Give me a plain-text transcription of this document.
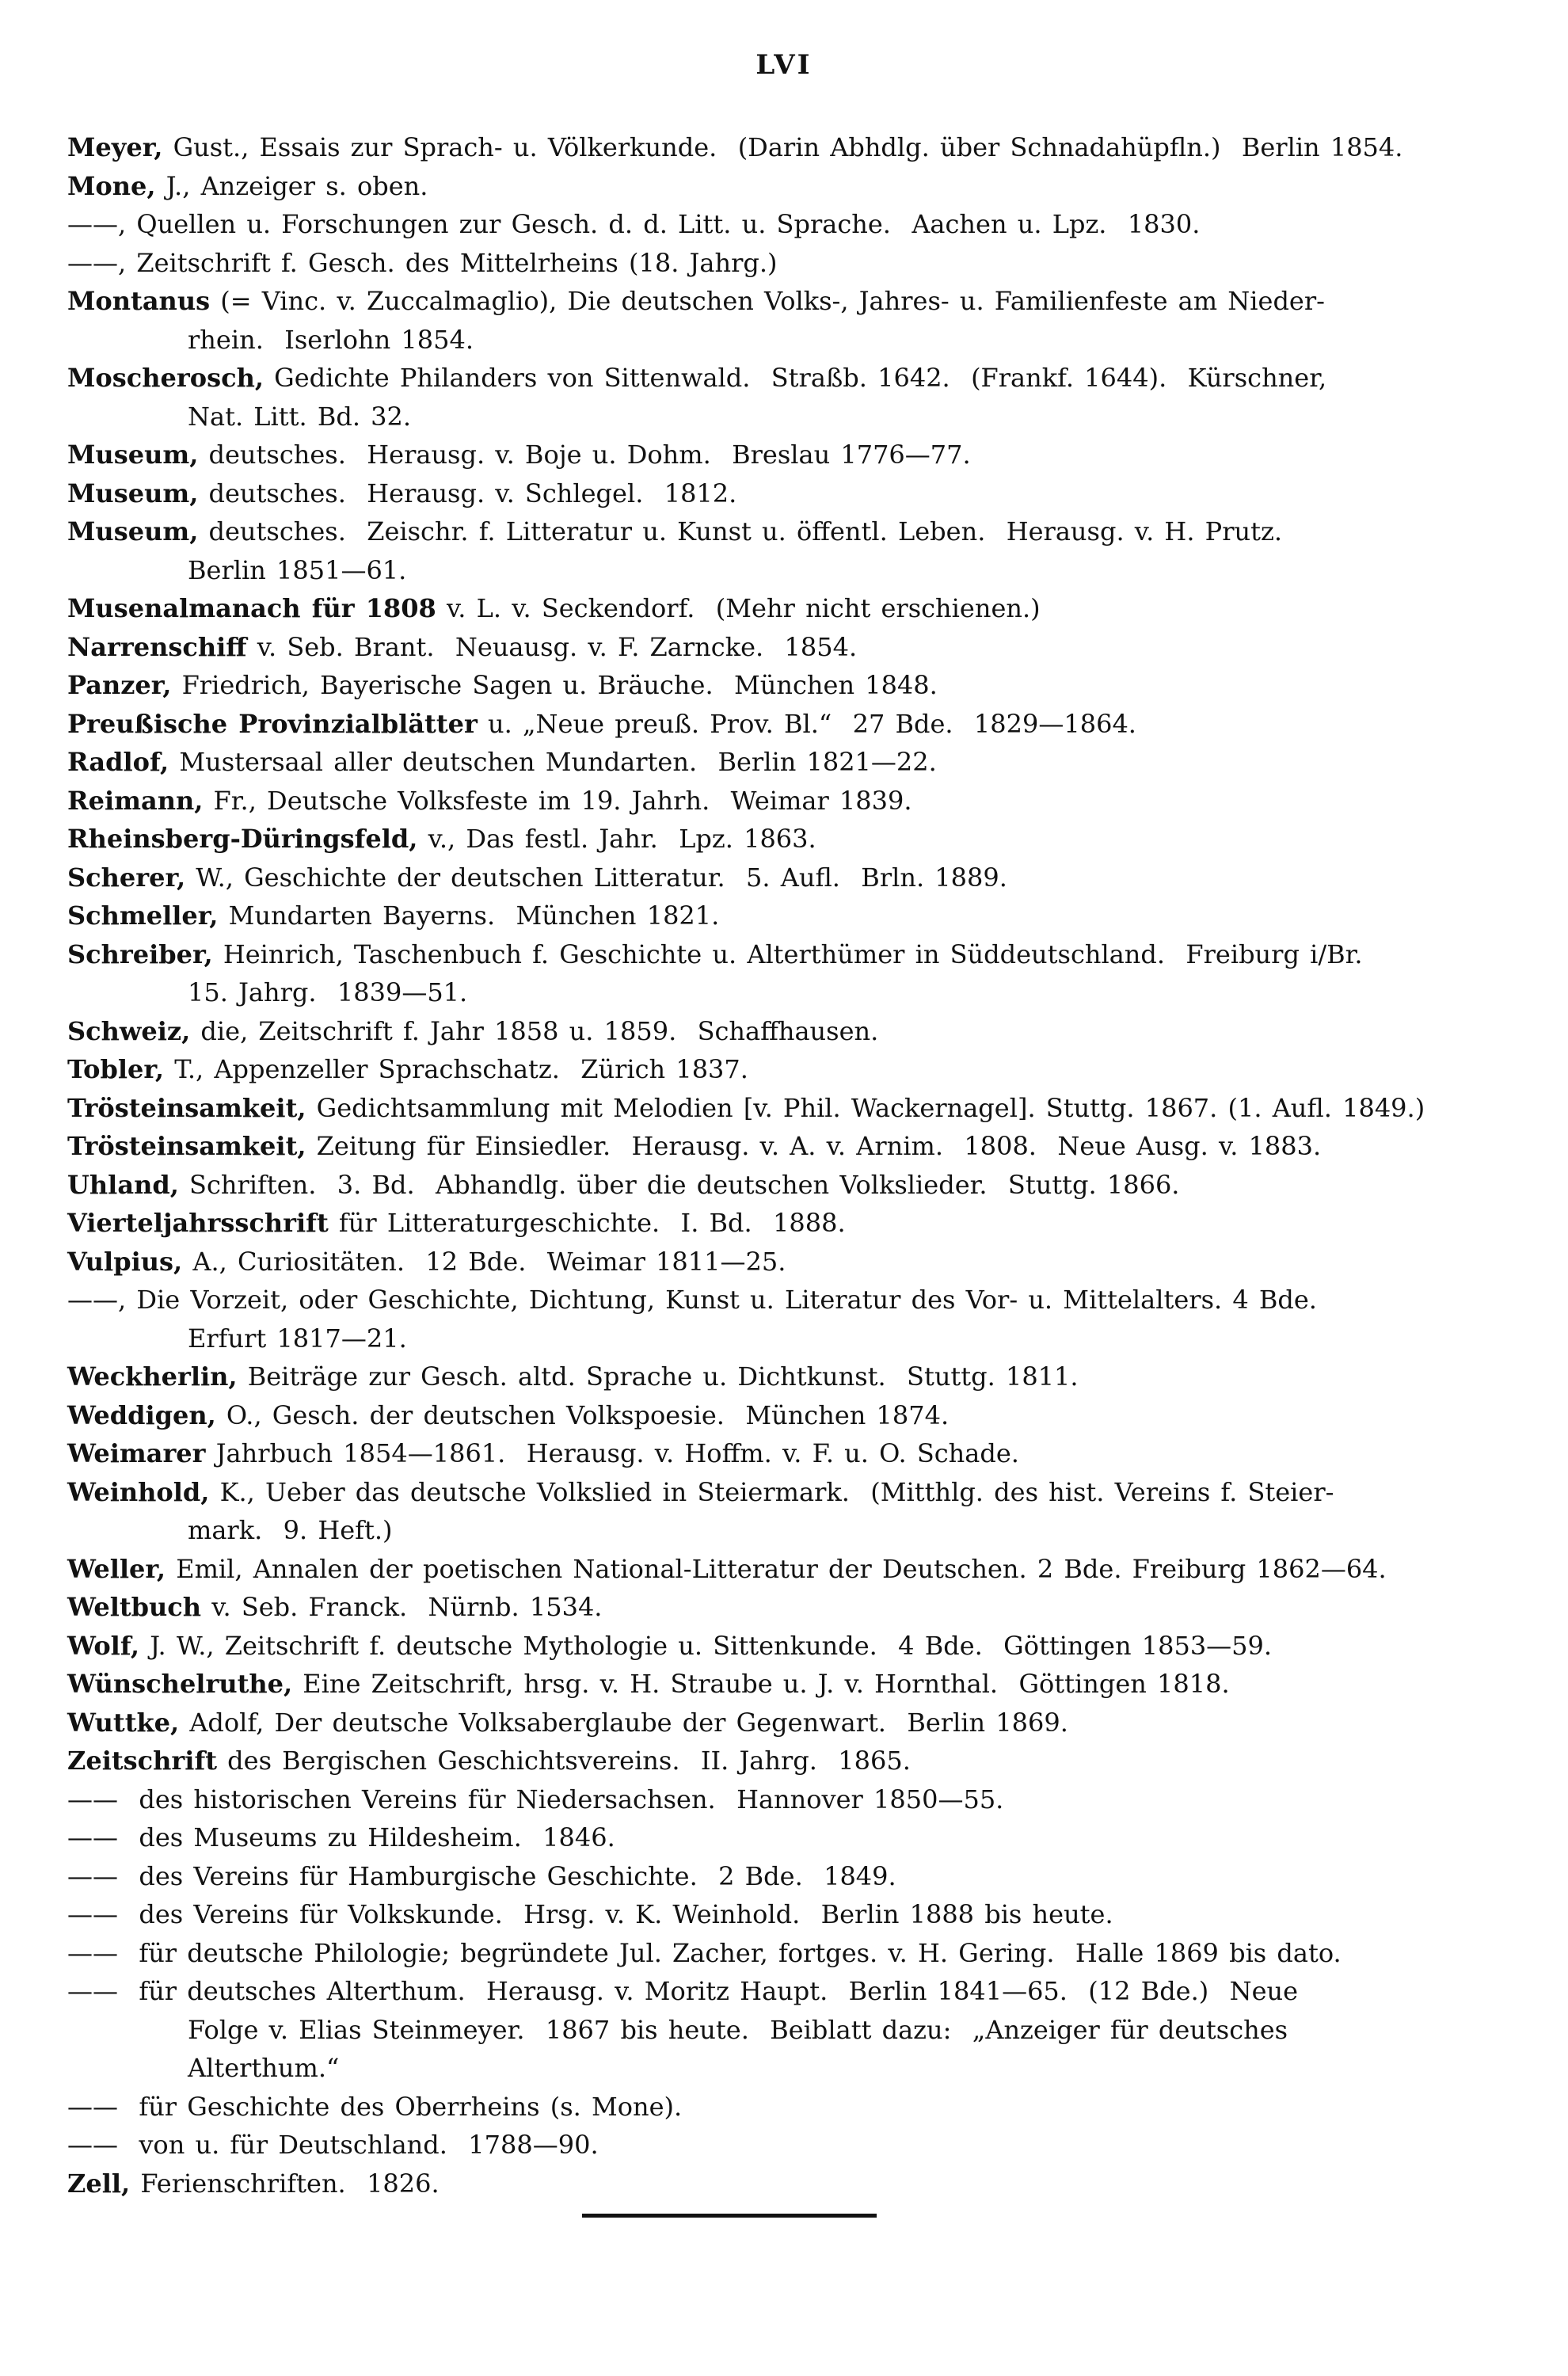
LVI
Meyer, Gust., Essais zur Sprach- u. Völkerkunde.  (Darin Abhdlg. über Schnadahüpfln.)  Berlin 1854.
Mone, J., Anzeiger s. oben.
——, Quellen u. Forschungen zur Gesch. d. d. Litt. u. Sprache.  Aachen u. Lpz.  1830.
——, Zeitschrift f. Gesch. des Mittelrheins (18. Jahrg.)
Montanus (= Vinc. v. Zuccalmaglio), Die deutschen Volks-, Jahres- u. Familienfeste am Nieder-
rhein.  Iserlohn 1854.
Moscherosch, Gedichte Philanders von Sittenwald.  Straßb. 1642.  (Frankf. 1644).  Kürschner,
Nat. Litt. Bd. 32.
Museum, deutsches.  Herausg. v. Boje u. Dohm.  Breslau 1776—77.
Museum, deutsches.  Herausg. v. Schlegel.  1812.
Museum, deutsches.  Zeischr. f. Litteratur u. Kunst u. öffentl. Leben.  Herausg. v. H. Prutz.
Berlin 1851—61.
Musenalmanach für 1808 v. L. v. Seckendorf.  (Mehr nicht erschienen.)
Narrenschiff v. Seb. Brant.  Neuausg. v. F. Zarncke.  1854.
Panzer, Friedrich, Bayerische Sagen u. Bräuche.  München 1848.
Preußische Provinzialblätter u. „Neue preuß. Prov. Bl.“  27 Bde.  1829—1864.
Radlof, Mustersaal aller deutschen Mundarten.  Berlin 1821—22.
Reimann, Fr., Deutsche Volksfeste im 19. Jahrh.  Weimar 1839.
Rheinsberg-Düringsfeld, v., Das festl. Jahr.  Lpz. 1863.
Scherer, W., Geschichte der deutschen Litteratur.  5. Aufl.  Brln. 1889.
Schmeller, Mundarten Bayerns.  München 1821.
Schreiber, Heinrich, Taschenbuch f. Geschichte u. Alterthümer in Süddeutschland.  Freiburg i/Br.
15. Jahrg.  1839—51.
Schweiz, die, Zeitschrift f. Jahr 1858 u. 1859.  Schaffhausen.
Tobler, T., Appenzeller Sprachschatz.  Zürich 1837.
Trösteinsamkeit, Gedichtsammlung mit Melodien [v. Phil. Wackernagel]. Stuttg. 1867. (1. Aufl. 1849.)
Trösteinsamkeit, Zeitung für Einsiedler.  Herausg. v. A. v. Arnim.  1808.  Neue Ausg. v. 1883.
Uhland, Schriften.  3. Bd.  Abhandlg. über die deutschen Volkslieder.  Stuttg. 1866.
Vierteljahrsschrift für Litteraturgeschichte.  I. Bd.  1888.
Vulpius, A., Curiositäten.  12 Bde.  Weimar 1811—25.
——, Die Vorzeit, oder Geschichte, Dichtung, Kunst u. Literatur des Vor- u. Mittelalters. 4 Bde.
Erfurt 1817—21.
Weckherlin, Beiträge zur Gesch. altd. Sprache u. Dichtkunst.  Stuttg. 1811.
Weddigen, O., Gesch. der deutschen Volkspoesie.  München 1874.
Weimarer Jahrbuch 1854—1861.  Herausg. v. Hoffm. v. F. u. O. Schade.
Weinhold, K., Ueber das deutsche Volkslied in Steiermark.  (Mitthlg. des hist. Vereins f. Steier-
mark.  9. Heft.)
Weller, Emil, Annalen der poetischen National-Litteratur der Deutschen. 2 Bde. Freiburg 1862—64.
Weltbuch v. Seb. Franck.  Nürnb. 1534.
Wolf, J. W., Zeitschrift f. deutsche Mythologie u. Sittenkunde.  4 Bde.  Göttingen 1853—59.
Wünschelruthe, Eine Zeitschrift, hrsg. v. H. Straube u. J. v. Hornthal.  Göttingen 1818.
Wuttke, Adolf, Der deutsche Volksaberglaube der Gegenwart.  Berlin 1869.
Zeitschrift des Bergischen Geschichtsvereins.  II. Jahrg.  1865.
——  des historischen Vereins für Niedersachsen.  Hannover 1850—55.
——  des Museums zu Hildesheim.  1846.
——  des Vereins für Hamburgische Geschichte.  2 Bde.  1849.
——  des Vereins für Volkskunde.  Hrsg. v. K. Weinhold.  Berlin 1888 bis heute.
——  für deutsche Philologie; begründete Jul. Zacher, fortges. v. H. Gering.  Halle 1869 bis dato.
——  für deutsches Alterthum.  Herausg. v. Moritz Haupt.  Berlin 1841—65.  (12 Bde.)  Neue
Folge v. Elias Steinmeyer.  1867 bis heute.  Beiblatt dazu:  „Anzeiger für deutsches
Alterthum.“
——  für Geschichte des Oberrheins (s. Mone).
——  von u. für Deutschland.  1788—90.
Zell, Ferienschriften.  1826.
